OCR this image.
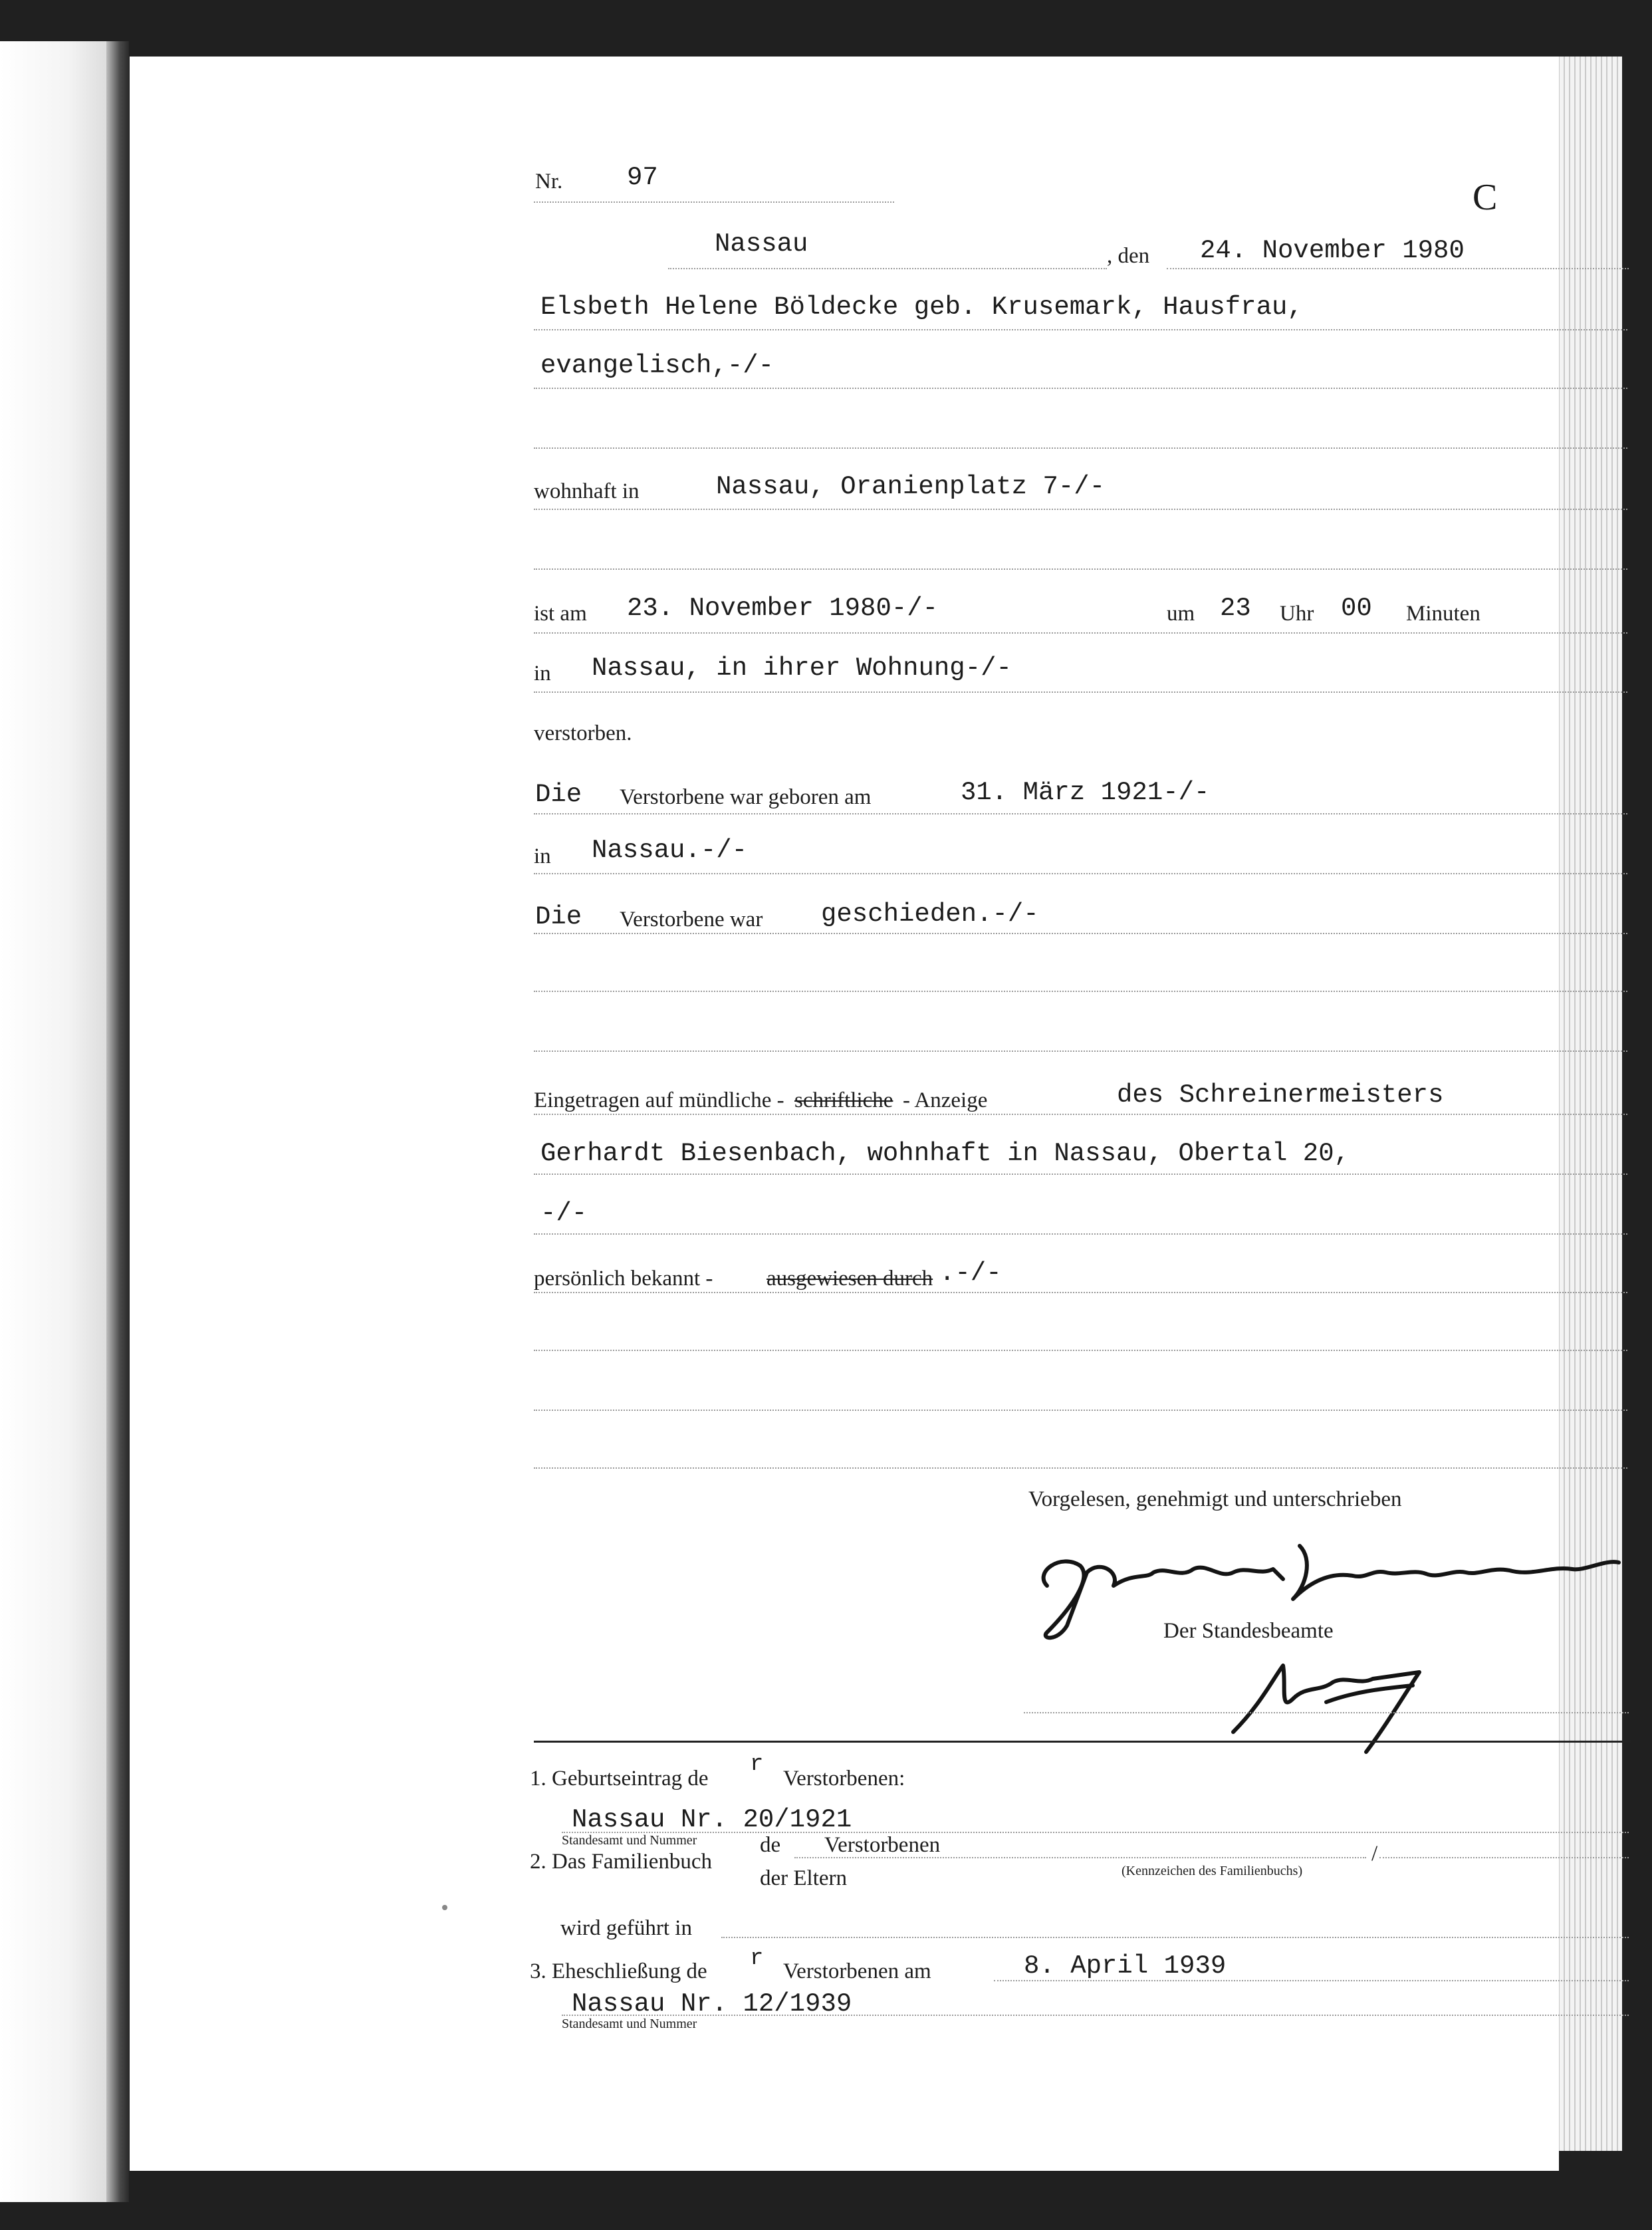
Nr. 97	C
Nassau	, den 24. November 1980
Elsbeth Helene Böldecke geb. Krusemark, Hausfrau,
evangelisch,-/-
wohnhaft in	Nassau, Oranienplatz 7-/-
ist am 23. November 1980-/-	um 23 Uhr 00 Minuten
in Nassau, in ihrer Wohnung-/-
verstorben.
Die Verstorbene war geboren am	31. März 1921-/-
in Nassau.-/-
Die Verstorbene war geschieden.-/-
Eingetragen auf mündliche - schriftliche - Anzeige	des Schreinermeisters
Gerhardt Biesenbach, wohnhaft in Nassau, Obertal 20,
-/-
persönlich bekannt - ausgewiesen durch .-/-
Vorgelesen, genehmigt und unterschrieben
Der Standesbeamte
1. Geburtseintrag de
r
Verstorbenen:
Nassau Nr. 20/1921
Standesamt und Nummer
2. Das Familienbuch
de Verstorbenen
der Eltern
/
(Kennzeichen des Familienbuchs)
wird geführt in
3. Eheschließung de r Verstorbenen am	8. April 1939
Nassau Nr. 12/1939
Standesamt und Nummer
